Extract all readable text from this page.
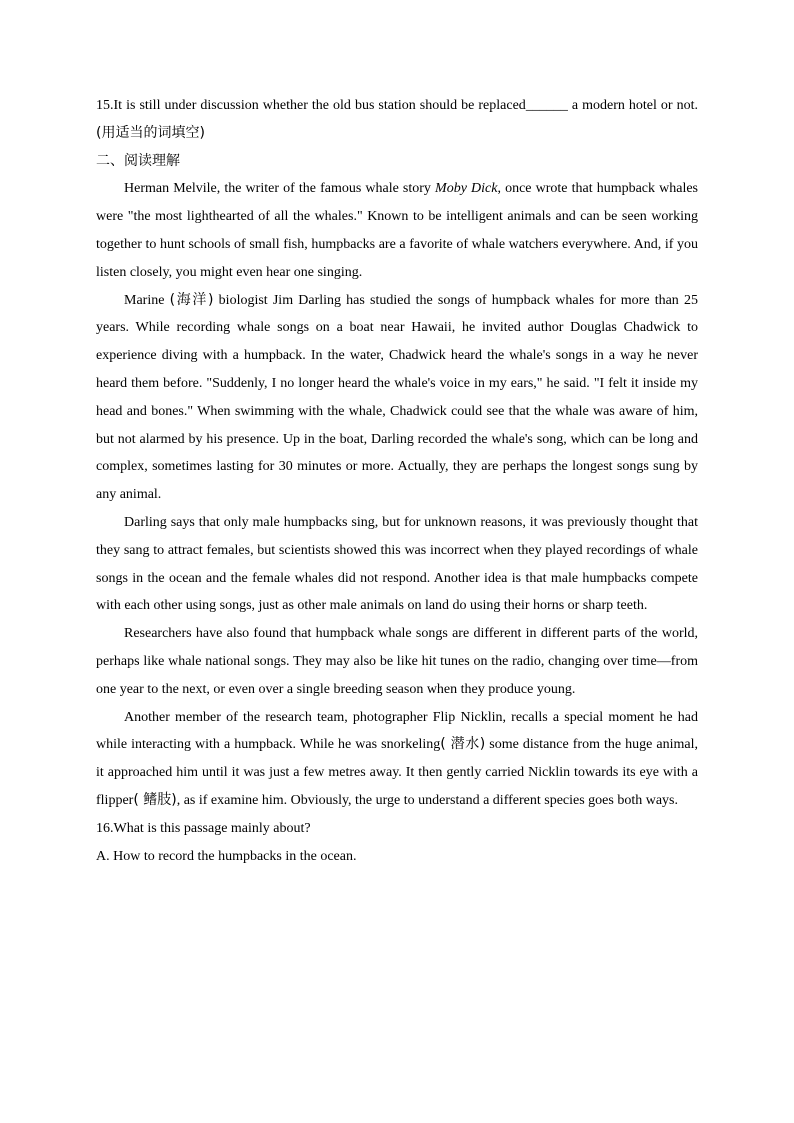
15.It is still under discussion whether the old bus station should be replaced______ a modern hotel or not. (用适当的词填空)

二、阅读理解

Herman Melvile, the writer of the famous whale story Moby Dick, once wrote that humpback whales were "the most lighthearted of all the whales." Known to be intelligent animals and can be seen working together to hunt schools of small fish, humpbacks are a favorite of whale watchers everywhere. And, if you listen closely, you might even hear one singing.

Marine (海洋) biologist Jim Darling has studied the songs of humpback whales for more than 25 years. While recording whale songs on a boat near Hawaii, he invited author Douglas Chadwick to experience diving with a humpback. In the water, Chadwick heard the whale's songs in a way he never heard them before. "Suddenly, I no longer heard the whale's voice in my ears," he said. "I felt it inside my head and bones." When swimming with the whale, Chadwick could see that the whale was aware of him, but not alarmed by his presence. Up in the boat, Darling recorded the whale's song, which can be long and complex, sometimes lasting for 30 minutes or more. Actually, they are perhaps the longest songs sung by any animal.

Darling says that only male humpbacks sing, but for unknown reasons, it was previously thought that they sang to attract females, but scientists showed this was incorrect when they played recordings of whale songs in the ocean and the female whales did not respond. Another idea is that male humpbacks compete with each other using songs, just as other male animals on land do using their horns or sharp teeth.

Researchers have also found that humpback whale songs are different in different parts of the world, perhaps like whale national songs. They may also be like hit tunes on the radio, changing over time—from one year to the next, or even over a single breeding season when they produce young.

Another member of the research team, photographer Flip Nicklin, recalls a special moment he had while interacting with a humpback. While he was snorkeling( 潜水) some distance from the huge animal, it approached him until it was just a few metres away. It then gently carried Nicklin towards its eye with a flipper( 鳍肢), as if examine him. Obviously, the urge to understand a different species goes both ways.

16.What is this passage mainly about?

A. How to record the humpbacks in the ocean.
